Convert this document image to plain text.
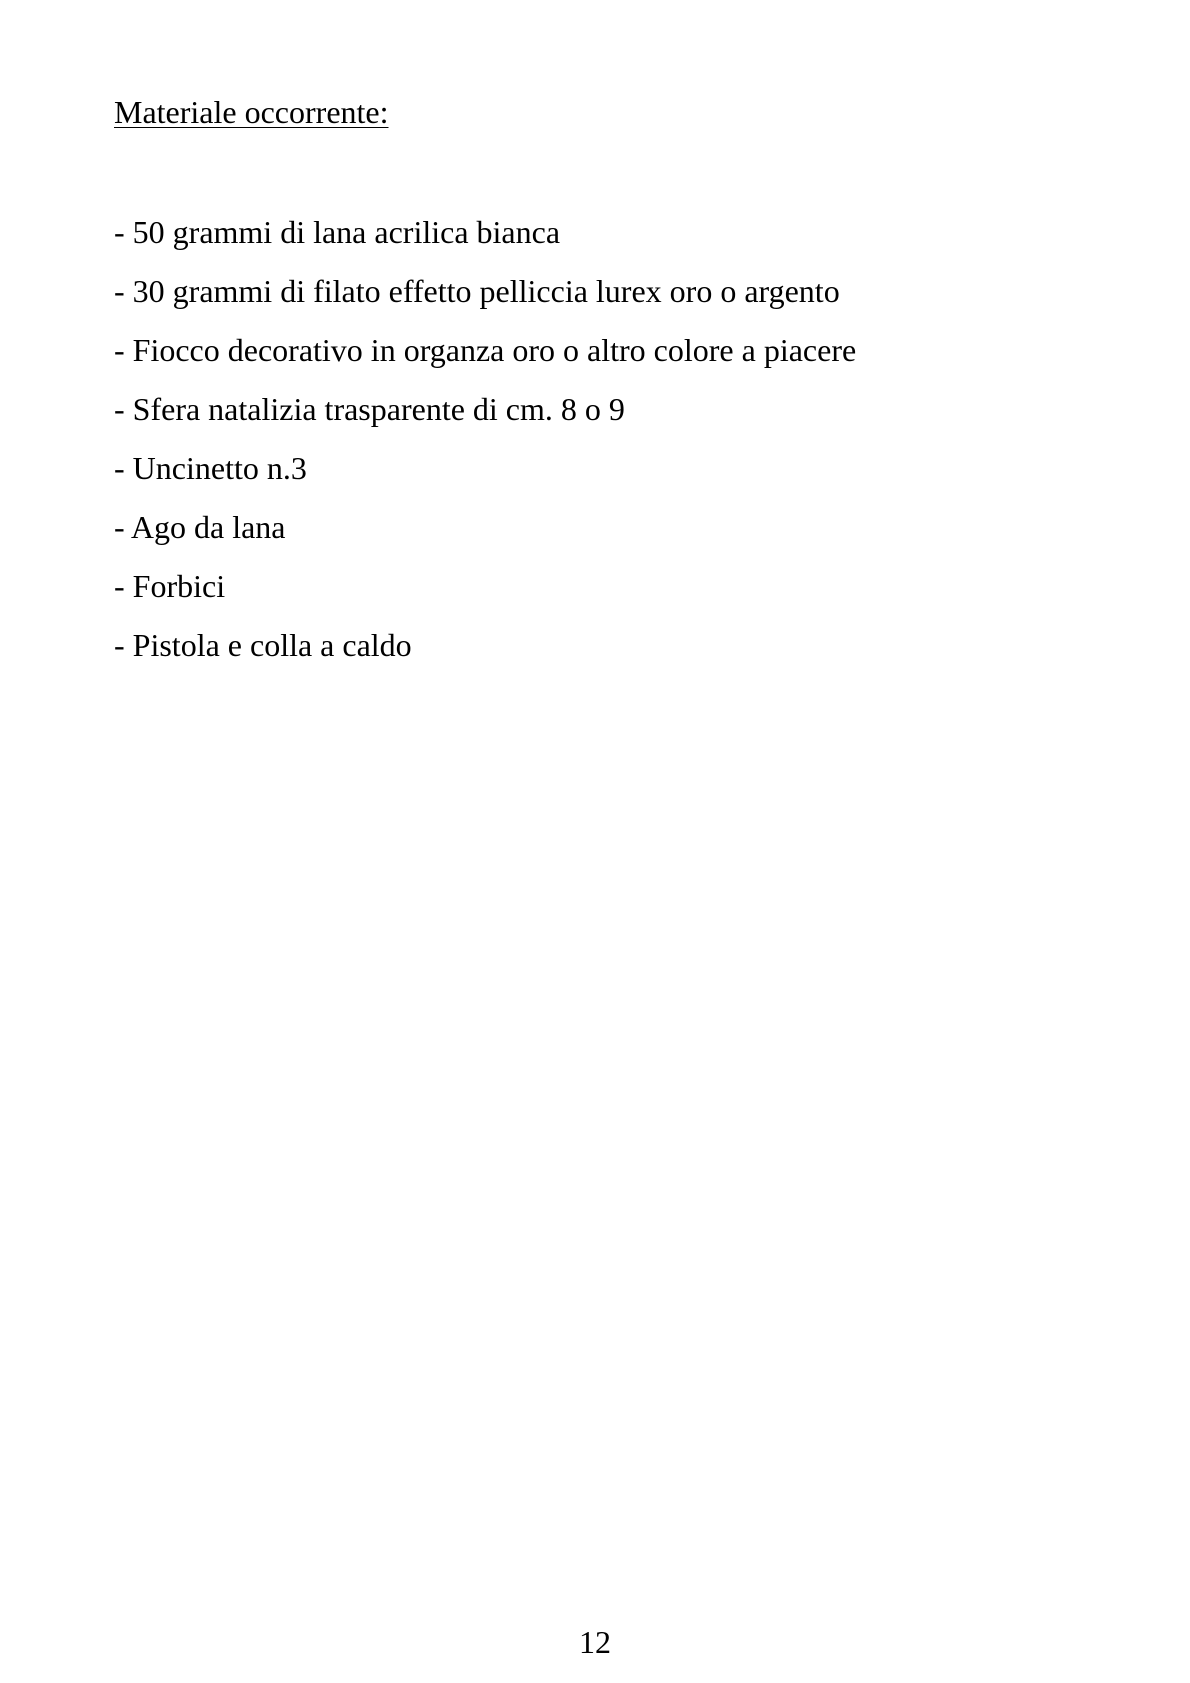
Materiale occorrente:
- 50 grammi di lana acrilica bianca
- 30 grammi di filato effetto pelliccia lurex oro o argento
- Fiocco decorativo in organza oro o altro colore a piacere
- Sfera natalizia trasparente di cm. 8 o 9
- Uncinetto n.3
- Ago da lana
- Forbici
- Pistola e colla a caldo
12
